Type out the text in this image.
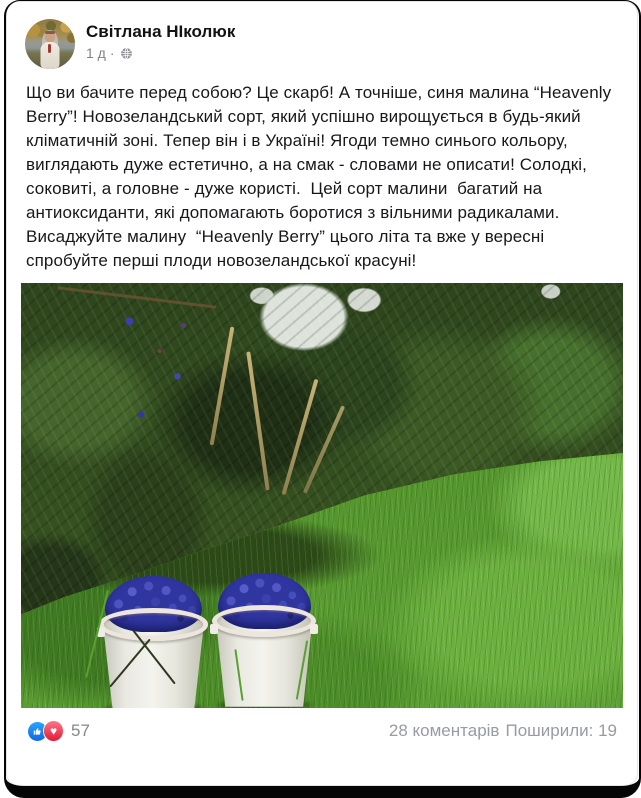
Світлана НІколюк
1 д ·
Що ви бачите перед собою? Це скарб! А точніше, синя малина “Heavenly Berry”! Новозеландський сорт, який успішно вирощується в будь-який кліматичній зоні. Тепер він і в Україні! Ягоди темно синього кольору, виглядають дуже естетично, а на смак - словами не описати! Солодкі, соковиті, а головне - дуже користі.  Цей сорт малини  багатий на антиоксиданти, які допомагають боротися з вільними радикалами. Висаджуйте малину  “Heavenly Berry” цього літа та вже у вересні спробуйте перші плоди новозеландської красуні!
♥ 57	28 коментарів Поширили: 19
